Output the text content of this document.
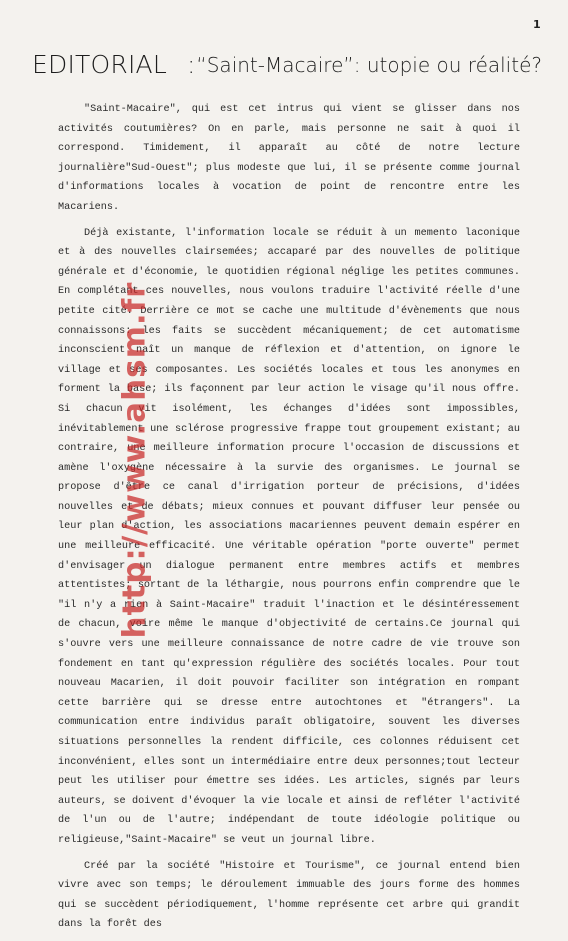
1
EDITORIAL : “Saint-Macaire”: utopie ou réalité?

"Saint-Macaire", qui est cet intrus qui vient se glisser dans nos activités coutumières? On en parle, mais personne ne sait à quoi il correspond. Timidement, il apparaît au côté de notre lecture journalière"Sud-Ouest"; plus modeste que lui, il se présente comme journal d'informations locales à vocation de point de rencontre entre les Macariens.

Déjà existante, l'information locale se réduit à un memento laconique et à des nouvelles clairsemées; accaparé par des nouvelles de politique générale et d'économie, le quotidien régional néglige les petites communes. En complétant ces nouvelles, nous voulons traduire l'activité réelle d'une petite cité. Derrière ce mot se cache une multitude d'évènements que nous connaissons: les faits se succèdent mécaniquement; de cet automatisme inconscient naît un manque de réflexion et d'attention, on ignore le village et ses composantes. Les sociétés locales et tous les anonymes en forment la base; ils façonnent par leur action le visage qu'il nous offre. Si chacun vit isolément, les échanges d'idées sont impossibles, inévitablement une sclérose progressive frappe tout groupement existant; au contraire, une meilleure information procure l'occasion de discussions et amène l'oxygène nécessaire à la survie des organismes. Le journal se propose d'être ce canal d'irrigation porteur de précisions, d'idées nouvelles et de débats; mieux connues et pouvant diffuser leur pensée ou leur plan d'action, les associations macariennes peuvent demain espérer en une meilleure efficacité. Une véritable opération "porte ouverte" permet d'envisager un dialogue permanent entre membres actifs et membres attentistes; sortant de la léthargie, nous pourrons enfin comprendre que le "il n'y a rien à Saint-Macaire" traduit l'inaction et le désintéressement de chacun, voire même le manque d'objectivité de certains.Ce journal qui s'ouvre vers une meilleure connaissance de notre cadre de vie trouve son fondement en tant qu'expression régulière des sociétés locales. Pour tout nouveau Macarien, il doit pouvoir faciliter son intégration en rompant cette barrière qui se dresse entre autochtones et "étrangers". La communication entre individus paraît obligatoire, souvent les diverses situations personnelles la rendent difficile, ces colonnes réduisent cet inconvénient, elles sont un intermédiaire entre deux personnes;tout lecteur peut les utiliser pour émettre ses idées. Les articles, signés par leurs auteurs, se doivent d'évoquer la vie locale et ainsi de refléter l'activité de l'un ou de l'autre; indépendant de toute idéologie politique ou religieuse,"Saint-Macaire" se veut un journal libre.

Créé par la société "Histoire et Tourisme", ce journal entend bien vivre avec son temps; le déroulement immuable des jours forme des hommes qui se succèdent périodiquement, l'homme représente cet arbre qui grandit dans la forêt des

http://www.ahsm.fr
